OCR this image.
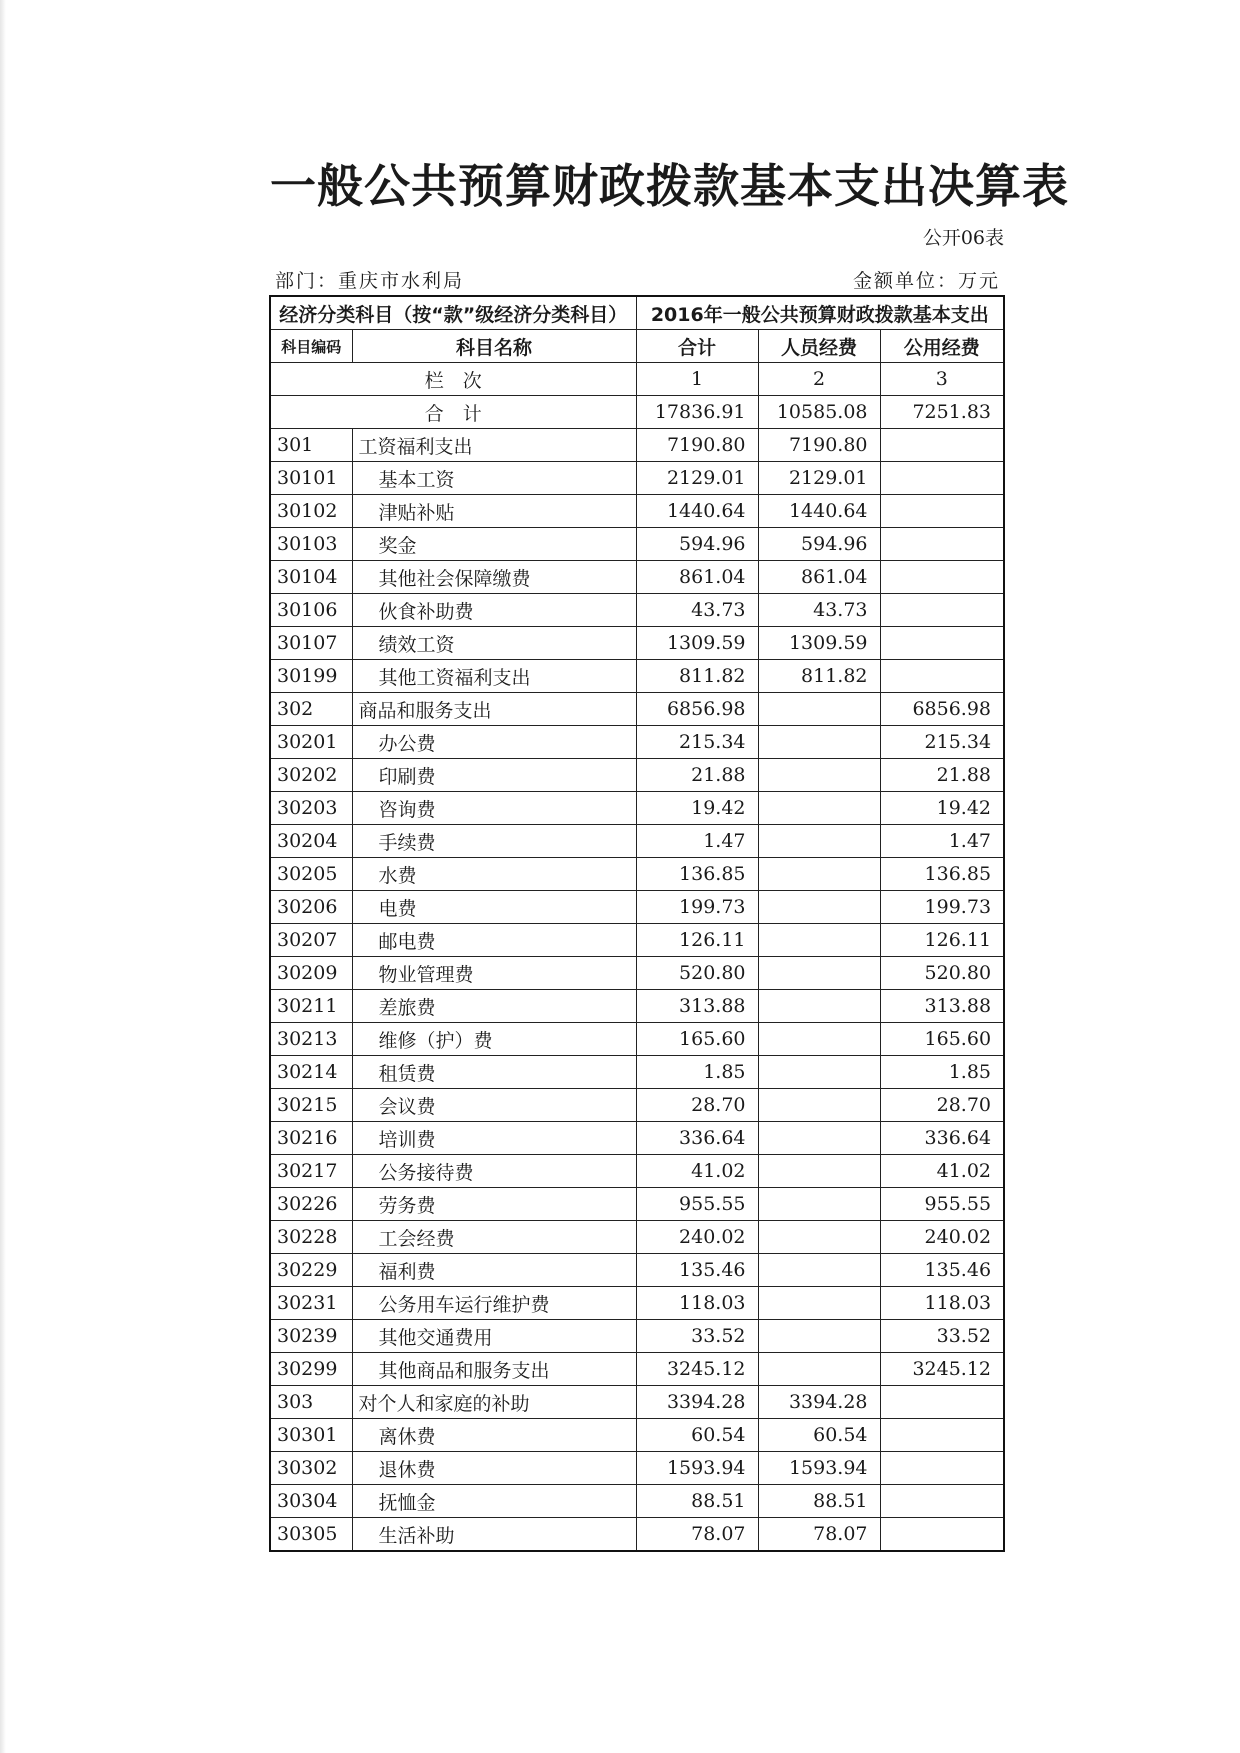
一般公共预算财政拨款基本支出决算表
公开06表
部门：重庆市水利局	金额单位：万元
经济分类科目（按“款”级经济分类科目）		2016年一般公共预算财政拨款基本支出		
科目编码	科目名称	合计	人员经费	公用经费
栏　次		1	2	3
合　计		17836.91	10585.08	7251.83
301	工资福利支出	7190.80	7190.80	
30101	基本工资	2129.01	2129.01	
30102	津贴补贴	1440.64	1440.64	
30103	奖金	594.96	594.96	
30104	其他社会保障缴费	861.04	861.04	
30106	伙食补助费	43.73	43.73	
30107	绩效工资	1309.59	1309.59	
30199	其他工资福利支出	811.82	811.82	
302	商品和服务支出	6856.98		6856.98
30201	办公费	215.34		215.34
30202	印刷费	21.88		21.88
30203	咨询费	19.42		19.42
30204	手续费	1.47		1.47
30205	水费	136.85		136.85
30206	电费	199.73		199.73
30207	邮电费	126.11		126.11
30209	物业管理费	520.80		520.80
30211	差旅费	313.88		313.88
30213	维修（护）费	165.60		165.60
30214	租赁费	1.85		1.85
30215	会议费	28.70		28.70
30216	培训费	336.64		336.64
30217	公务接待费	41.02		41.02
30226	劳务费	955.55		955.55
30228	工会经费	240.02		240.02
30229	福利费	135.46		135.46
30231	公务用车运行维护费	118.03		118.03
30239	其他交通费用	33.52		33.52
30299	其他商品和服务支出	3245.12		3245.12
303	对个人和家庭的补助	3394.28	3394.28	
30301	离休费	60.54	60.54	
30302	退休费	1593.94	1593.94	
30304	抚恤金	88.51	88.51	
30305	生活补助	78.07	78.07	
